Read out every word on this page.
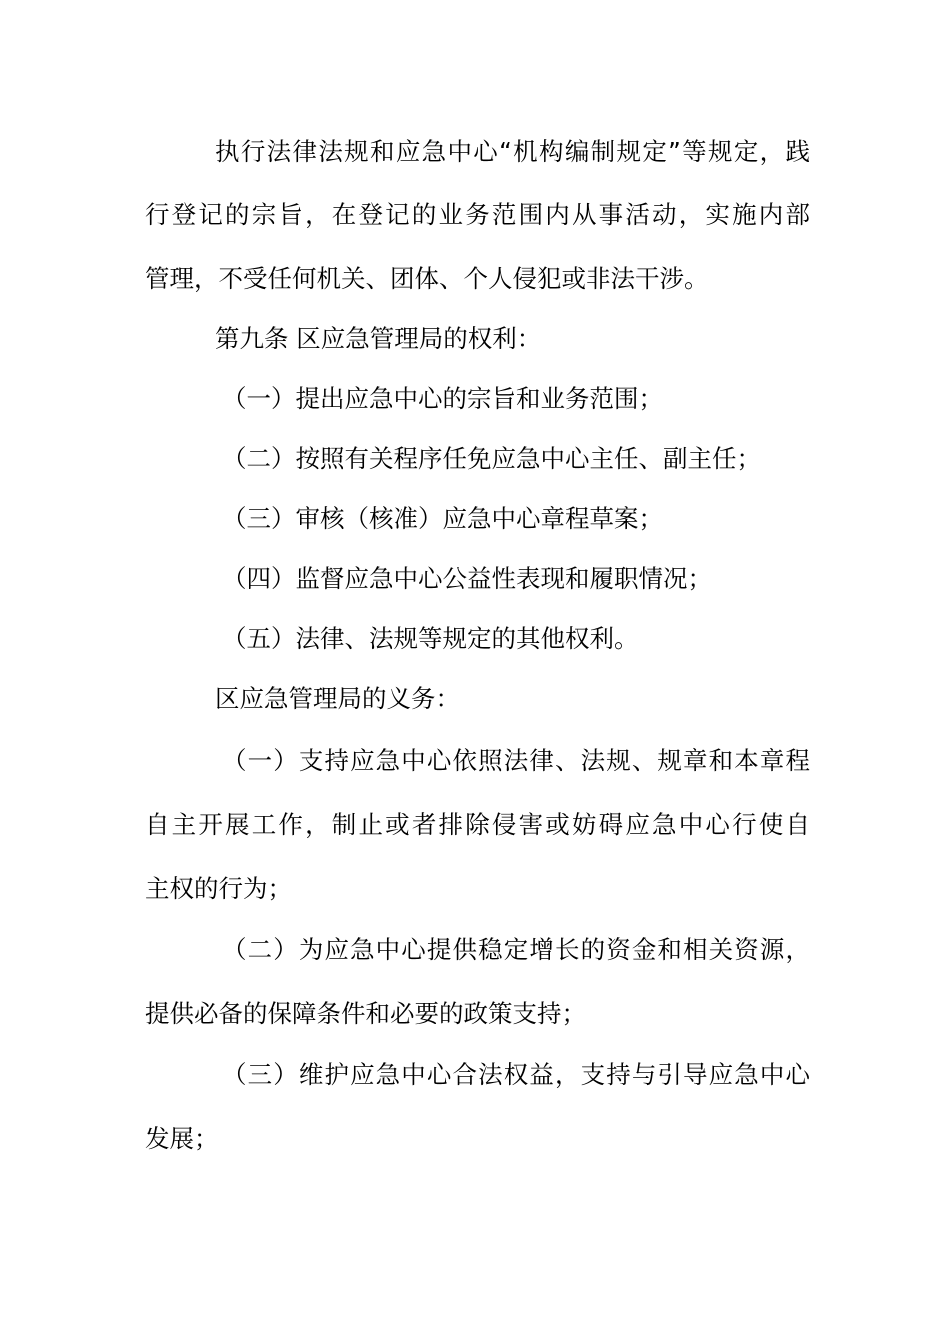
执行法律法规和应急中心“机构编制规定”等规定，践
行登记的宗旨，在登记的业务范围内从事活动，实施内部
管理，不受任何机关、团体、个人侵犯或非法干涉。
第九条 区应急管理局的权利：
（一）提出应急中心的宗旨和业务范围；
（二）按照有关程序任免应急中心主任、副主任；
（三）审核（核准）应急中心章程草案；
（四）监督应急中心公益性表现和履职情况；
（五）法律、法规等规定的其他权利。
区应急管理局的义务：
（一）支持应急中心依照法律、法规、规章和本章程
自主开展工作，制止或者排除侵害或妨碍应急中心行使自
主权的行为；
（二）为应急中心提供稳定增长的资金和相关资源，
提供必备的保障条件和必要的政策支持；
（三）维护应急中心合法权益，支持与引导应急中心
发展；
